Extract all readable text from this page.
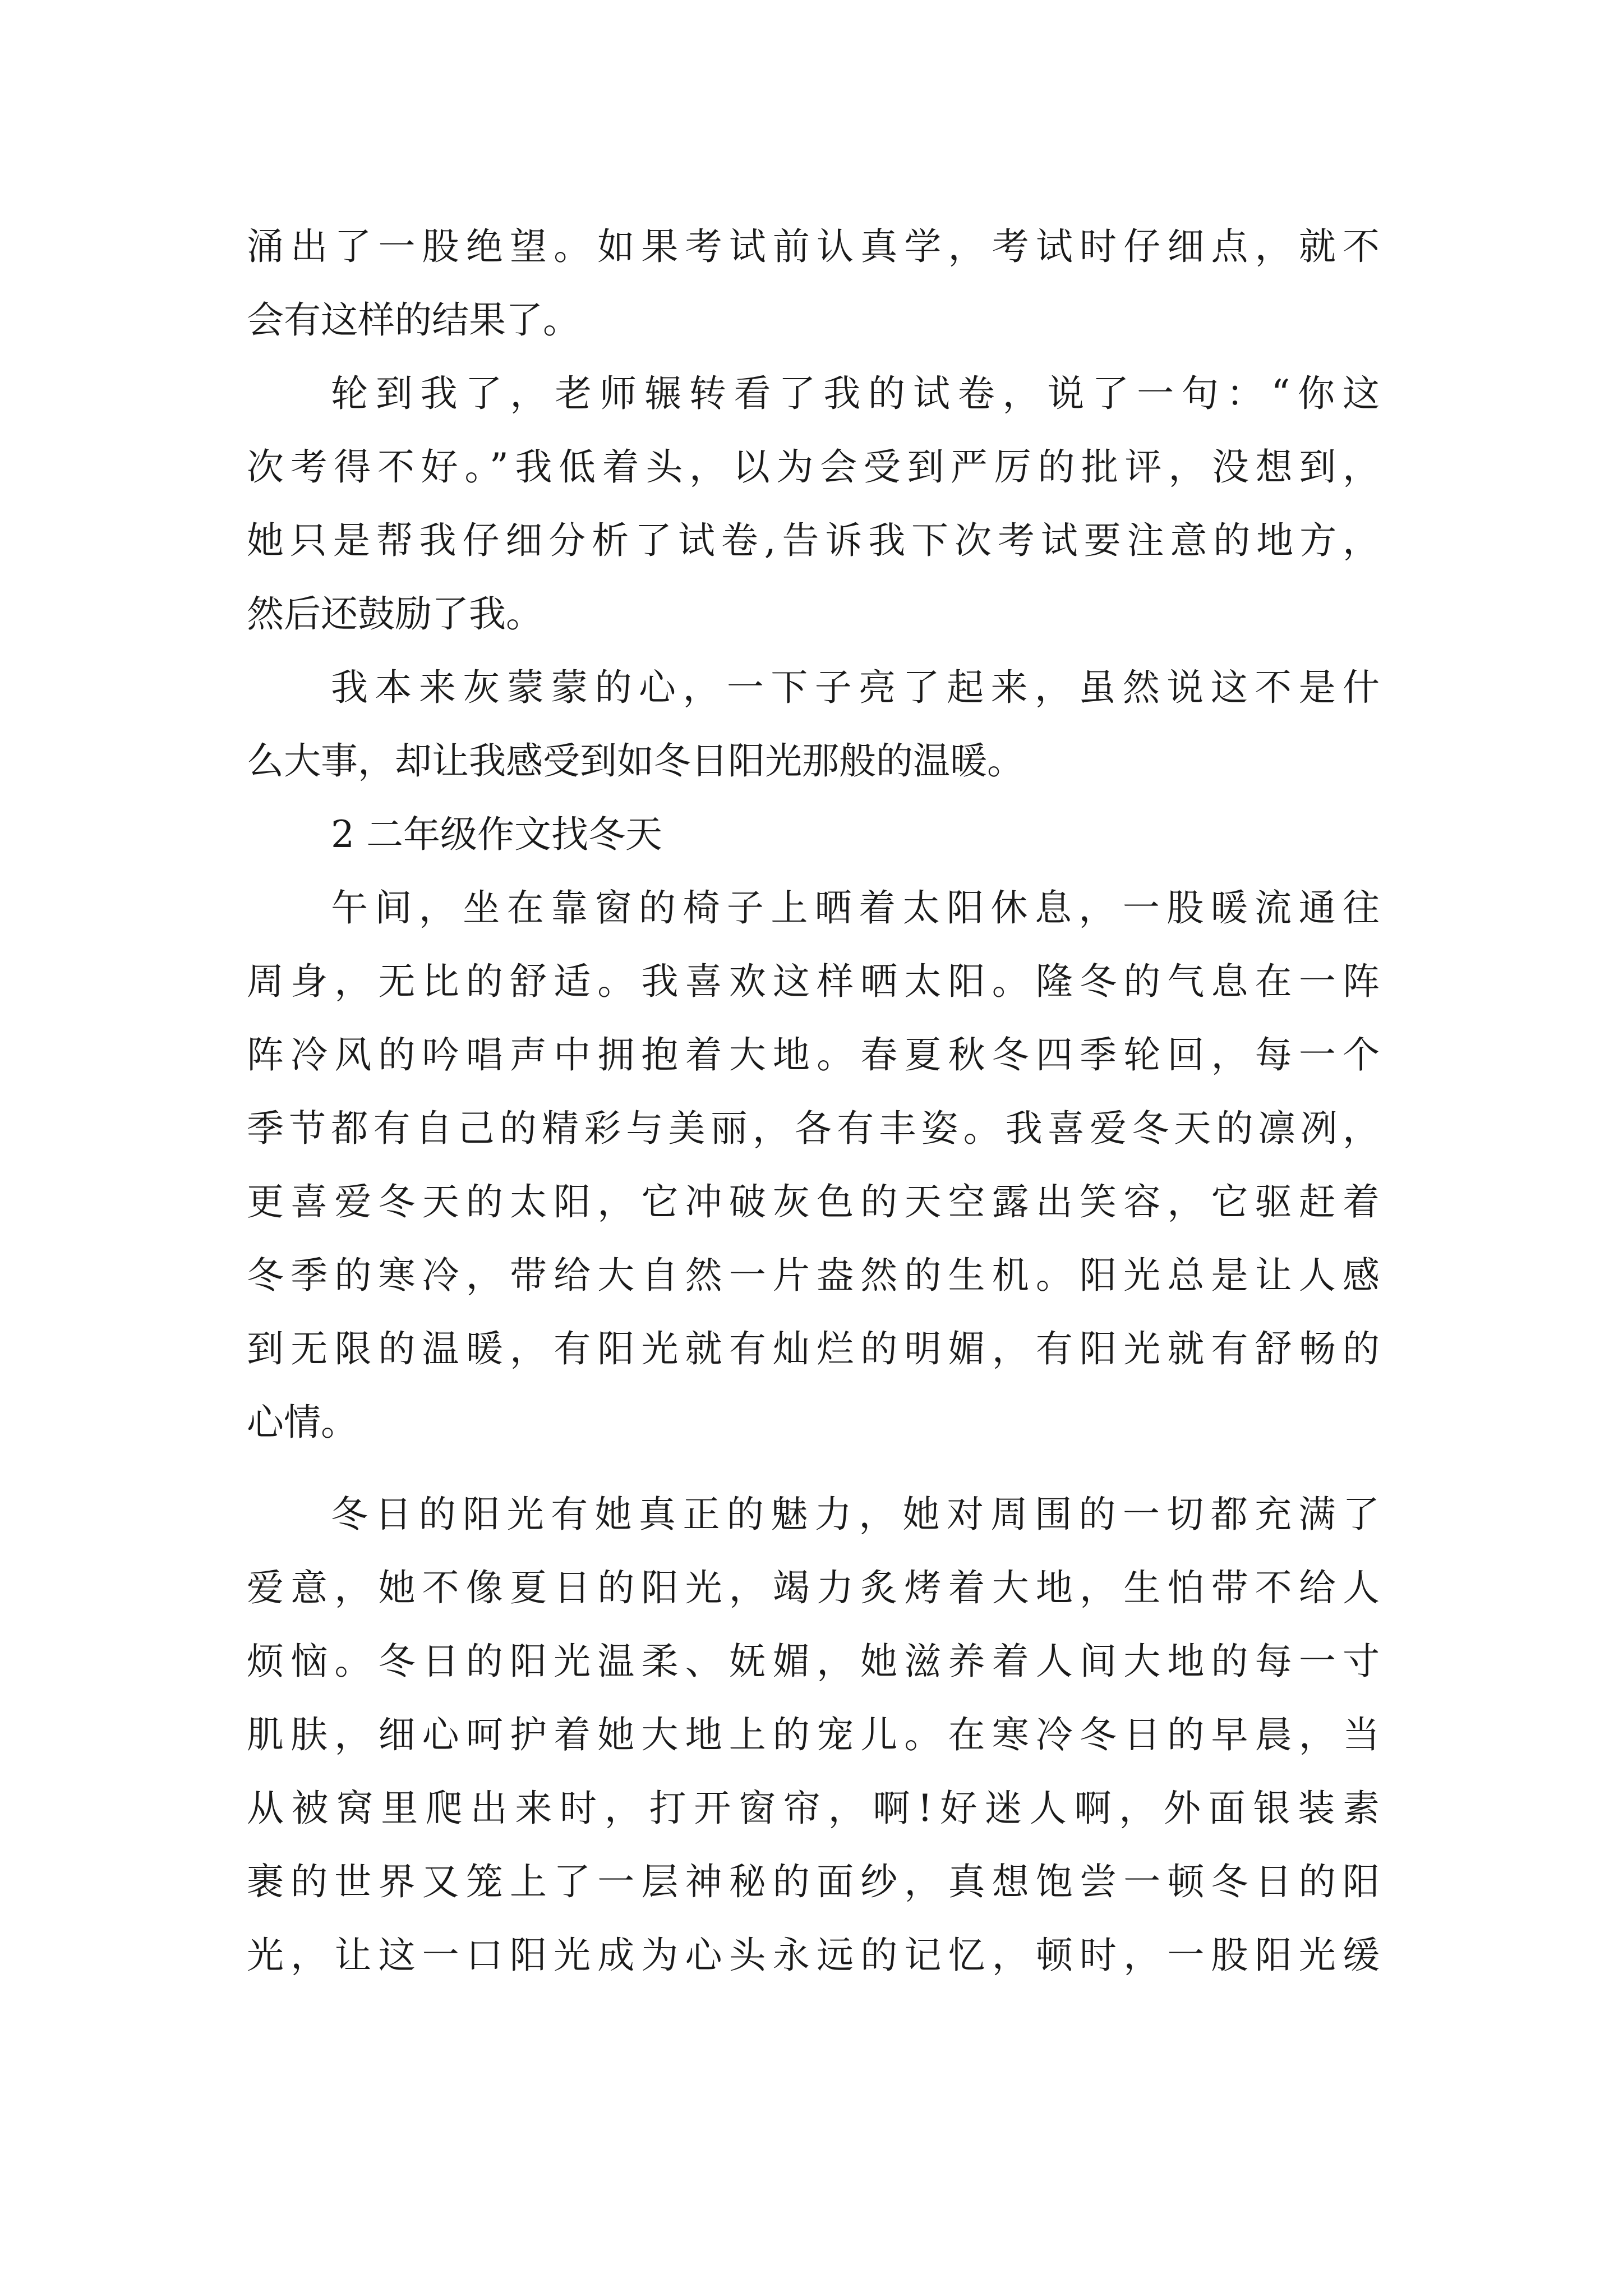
涌出了一股绝望。如果考试前认真学，考试时仔细点，就不

会有这样的结果了。

轮到我了，老师辗转看了我的试卷，说了一句：“你这

次考得不好。”我低着头，以为会受到严厉的批评，没想到，

她只是帮我仔细分析了试卷,告诉我下次考试要注意的地方，

然后还鼓励了我。

我本来灰蒙蒙的心，一下子亮了起来，虽然说这不是什

么大事，却让我感受到如冬日阳光那般的温暖。

2 二年级作文找冬天

午间，坐在靠窗的椅子上晒着太阳休息，一股暖流通往

周身，无比的舒适。我喜欢这样晒太阳。隆冬的气息在一阵

阵冷风的吟唱声中拥抱着大地。春夏秋冬四季轮回，每一个

季节都有自己的精彩与美丽，各有丰姿。我喜爱冬天的凛冽，

更喜爱冬天的太阳，它冲破灰色的天空露出笑容，它驱赶着

冬季的寒冷，带给大自然一片盎然的生机。阳光总是让人感

到无限的温暖，有阳光就有灿烂的明媚，有阳光就有舒畅的

心情。

冬日的阳光有她真正的魅力，她对周围的一切都充满了

爱意，她不像夏日的阳光，竭力炙烤着大地，生怕带不给人

烦恼。冬日的阳光温柔、妩媚，她滋养着人间大地的每一寸

肌肤，细心呵护着她大地上的宠儿。在寒冷冬日的早晨，当

从被窝里爬出来时，打开窗帘，啊!好迷人啊，外面银装素

裹的世界又笼上了一层神秘的面纱，真想饱尝一顿冬日的阳

光，让这一口阳光成为心头永远的记忆，顿时，一股阳光缓
